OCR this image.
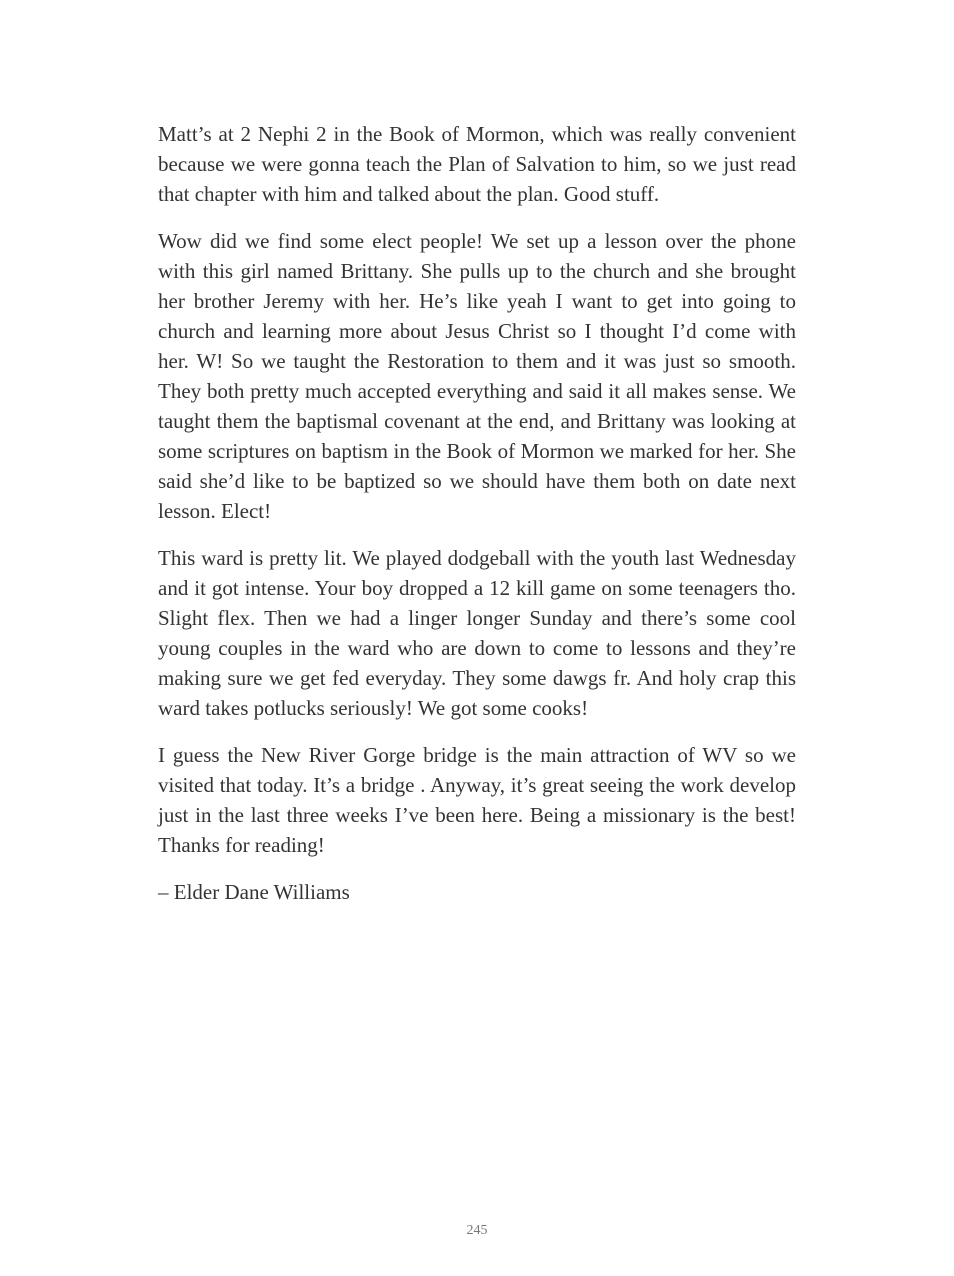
Matt’s at 2 Nephi 2 in the Book of Mormon, which was really convenient because we were gonna teach the Plan of Salvation to him, so we just read that chapter with him and talked about the plan. Good stuff.

Wow did we find some elect people! We set up a lesson over the phone with this girl named Brittany. She pulls up to the church and she brought her brother Jeremy with her. He’s like yeah I want to get into going to church and learning more about Jesus Christ so I thought I’d come with her. W! So we taught the Restoration to them and it was just so smooth. They both pretty much accepted everything and said it all makes sense. We taught them the baptismal covenant at the end, and Brittany was looking at some scriptures on baptism in the Book of Mormon we marked for her. She said she’d like to be baptized so we should have them both on date next lesson. Elect!

This ward is pretty lit. We played dodgeball with the youth last Wednesday and it got intense. Your boy dropped a 12 kill game on some teenagers tho. Slight flex. Then we had a linger longer Sunday and there’s some cool young couples in the ward who are down to come to lessons and they’re making sure we get fed everyday. They some dawgs fr. And holy crap this ward takes potlucks seriously! We got some cooks!

I guess the New River Gorge bridge is the main attraction of WV so we visited that today. It’s a bridge . Anyway, it’s great seeing the work develop just in the last three weeks I’ve been here. Being a missionary is the best! Thanks for reading!

– Elder Dane Williams

245
